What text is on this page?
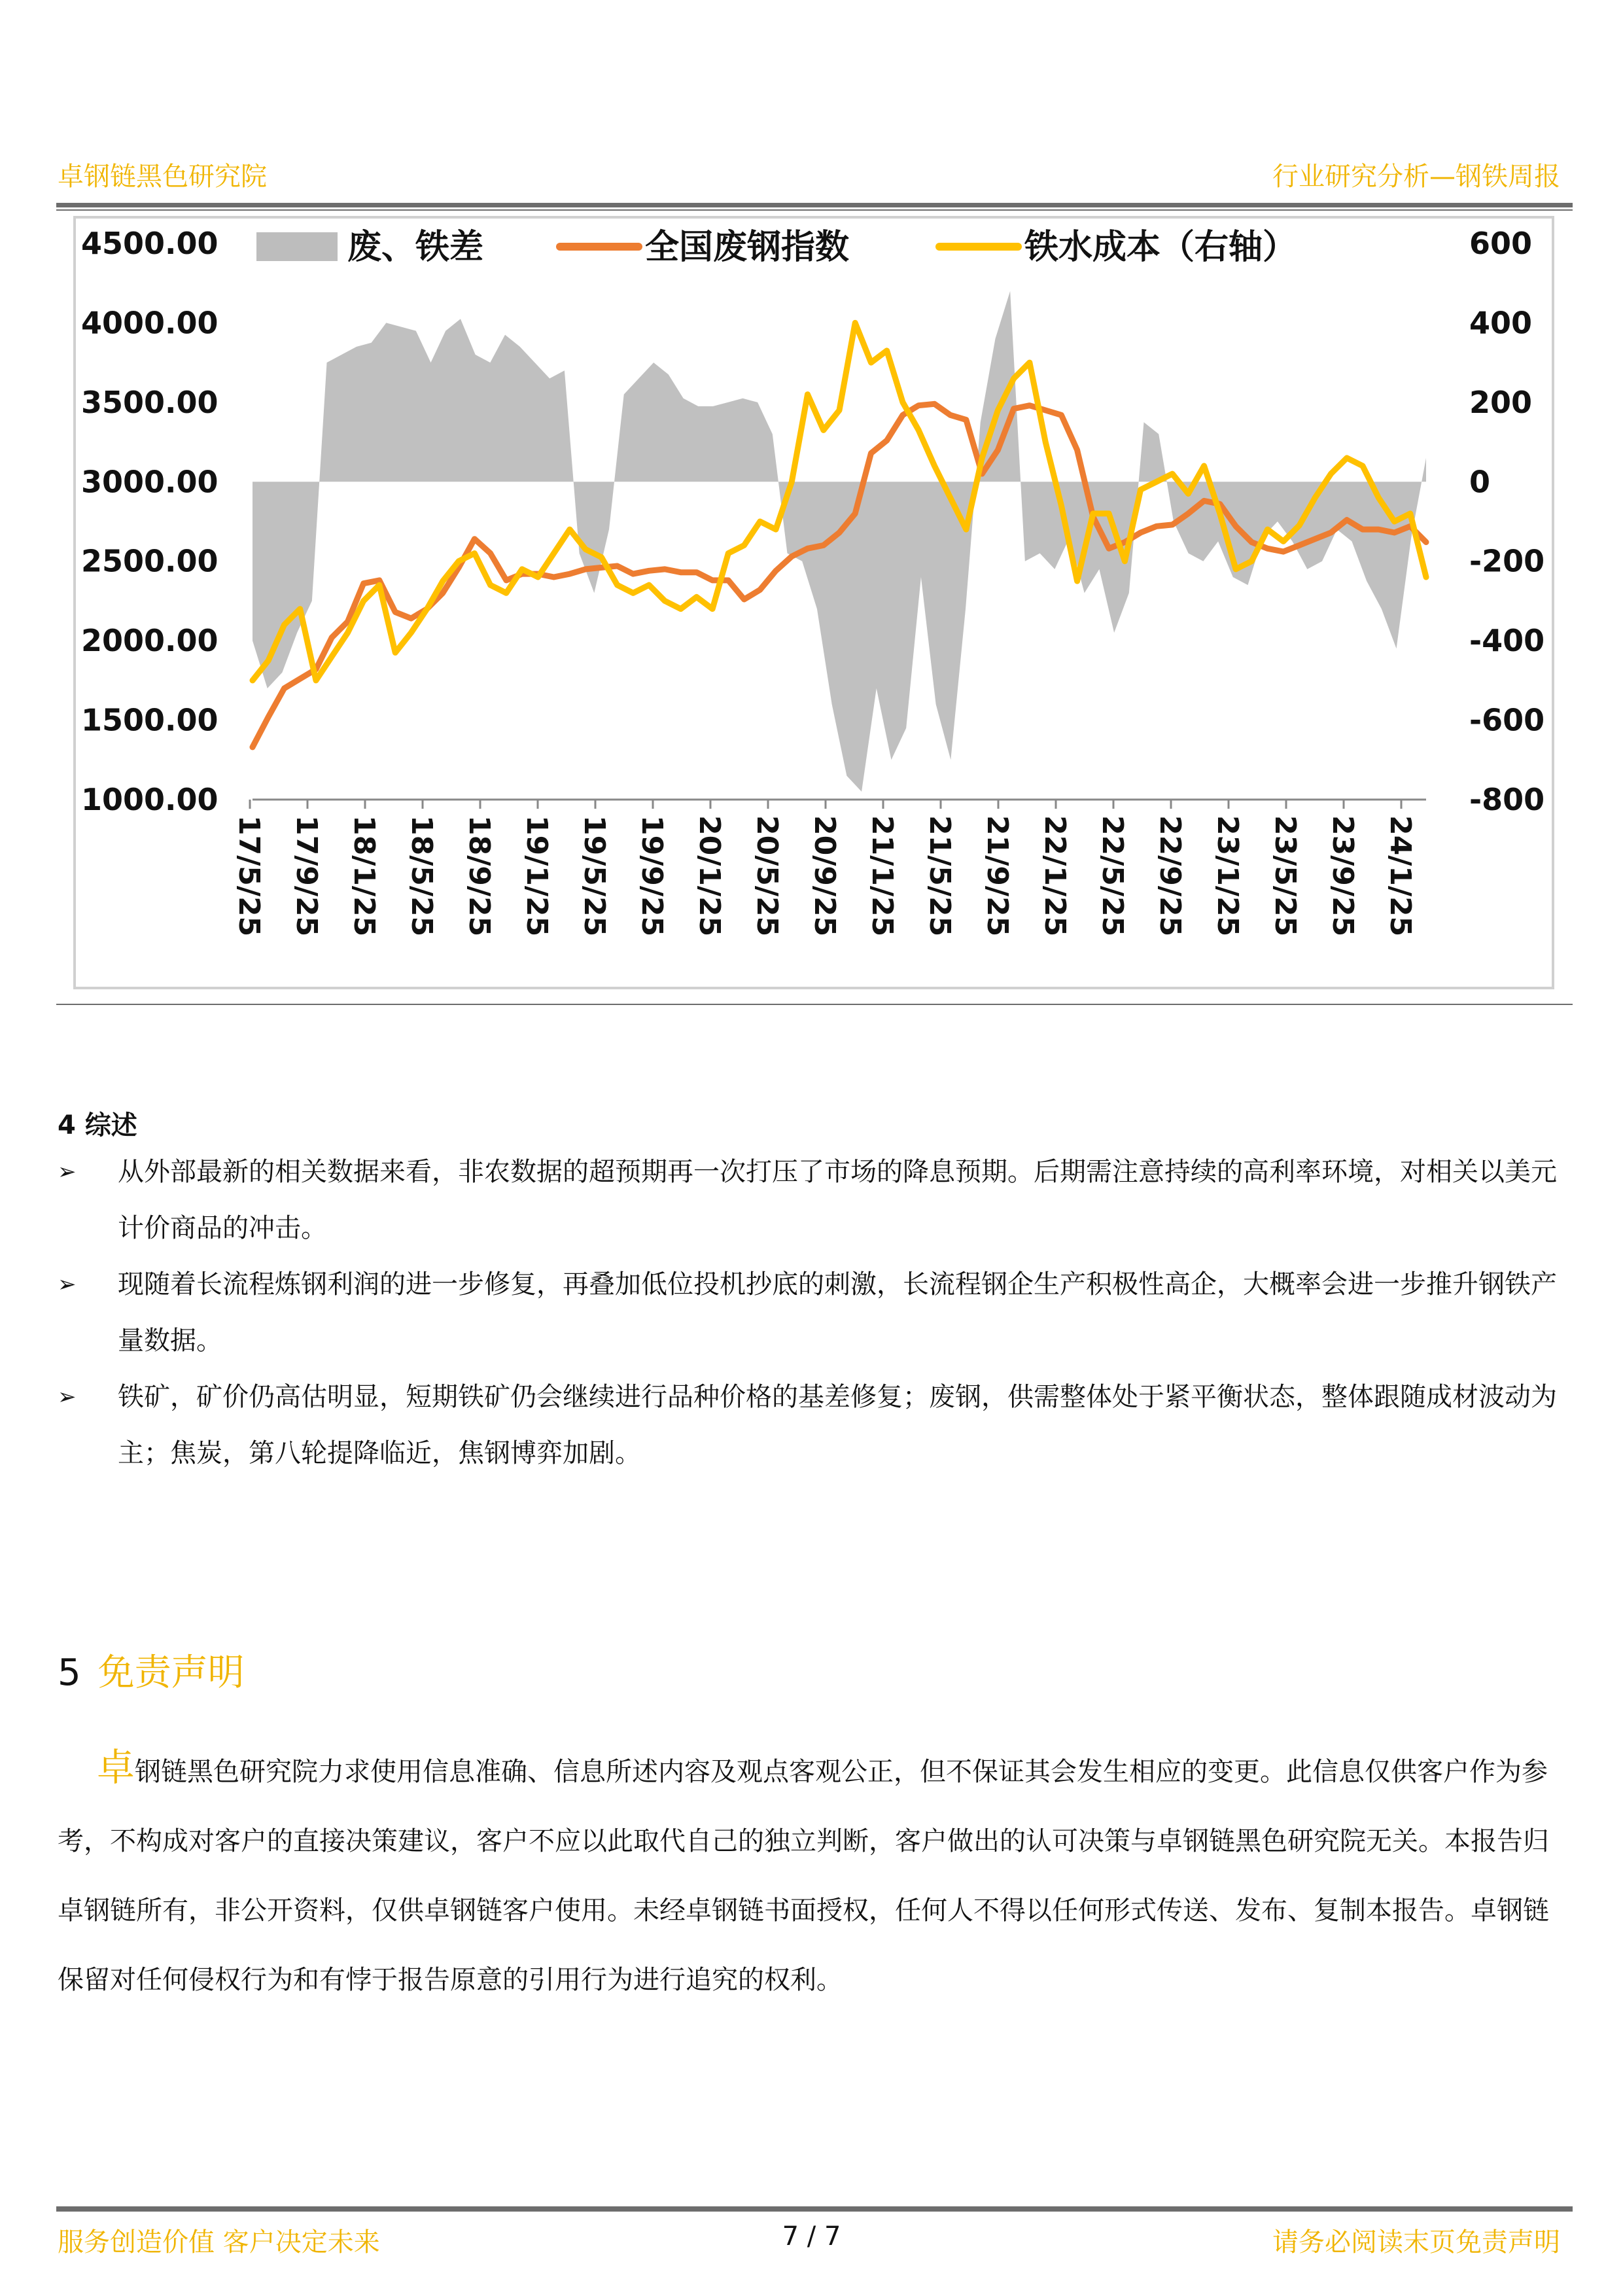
卓钢链黑色研究院	行业研究分析—钢铁周报
废、铁差	全国废钢指数	铁水成本（右轴）
4500.00
4000.00
3500.00
3000.00
2500.00
2000.00
1500.00
1000.00
600
400
200
0
-200
-400
-600
-800
17/5/25 17/9/25 18/1/25 18/5/25 18/9/25 19/1/25 19/5/25 19/9/25 20/1/25 20/5/25 20/9/25 21/1/25 21/5/25 21/9/25 22/1/25 22/5/25 22/9/25 23/1/25 23/5/25 23/9/25 24/1/25
4 综述

➢ 从外部最新的相关数据来看，非农数据的超预期再一次打压了市场的降息预期。后期需注意持续的高利率环境，对相关以美元计价商品的冲击。

➢ 现随着长流程炼钢利润的进一步修复，再叠加低位投机抄底的刺激，长流程钢企生产积极性高企，大概率会进一步推升钢铁产量数据。

➢ 铁矿，矿价仍高估明显，短期铁矿仍会继续进行品种价格的基差修复；废钢，供需整体处于紧平衡状态，整体跟随成材波动为主；焦炭，第八轮提降临近，焦钢博弈加剧。

5 免责声明
卓钢链黑色研究院力求使用信息准确、信息所述内容及观点客观公正，但不保证其会发生相应的变更。此信息仅供客户作为参考，不构成对客户的直接决策建议，客户不应以此取代自己的独立判断，客户做出的认可决策与卓钢链黑色研究院无关。本报告归卓钢链所有，非公开资料，仅供卓钢链客户使用。未经卓钢链书面授权，任何人不得以任何形式传送、发布、复制本报告。卓钢链保留对任何侵权行为和有悖于报告原意的引用行为进行追究的权利。
服务创造价值 客户决定未来	7 / 7	请务必阅读末页免责声明
